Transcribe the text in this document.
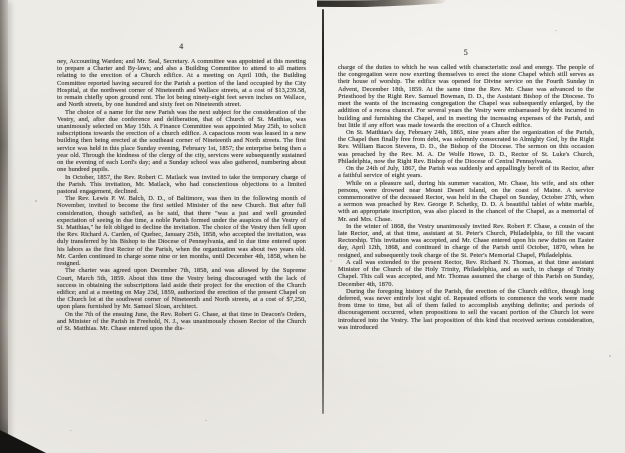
4

ney, Accounting Warden; and Mr. Seal, Secretary. A committee was appointed at this meeting to prepare a Charter and By-laws; and also a Building Committee to attend to all matters relating to the erection of a Church edifice. At a meeting on April 10th, the Building Committee reported having secured for the Parish a portion of the land occupied by the City Hospital, at the northwest corner of Nineteenth and Wallace streets, at a cost of $13,239.58, to remain chiefly upon ground rent. The lot being ninety-eight feet seven inches on Wallace, and North streets, by one hundred and sixty feet on Nineteenth street.

The choice of a name for the new Parish was the next subject for the consideration of the Vestry, and, after due conference and deliberation, that of Church of St. Matthias, was unanimously selected on May 15th. A Finance Committee was appointed May 25th, to solicit subscriptions towards the erection of a church edifice. A capacious room was leased in a new building then being erected at the southeast corner of Nineteenth and North streets. The first service was held in this place Sunday evening, February 1st, 1857; the enterprise being then a year old. Through the kindness of the clergy of the city, services were subsequently sustained on the evening of each Lord's day; and a Sunday school was also gathered, numbering about one hundred pupils.

In October, 1857, the Rev. Robert C. Matlack was invited to take the temporary charge of the Parish. This invitation, Mr. Matlack, who had conscientious objections to a limited pastoral engagement, declined.

The Rev. Lewis P. W. Balch, D. D., of Baltimore, was then in the following month of November, invited to become the first settled Minister of the new Church. But after full consideration, though satisfied, as he said, that there "was a just and well grounded expectation of seeing in due time, a noble Parish formed under the auspices of the Vestry of St. Matthias," he felt obliged to decline the invitation. The choice of the Vestry then fell upon the Rev. Richard A. Carden, of Quebec, January 25th, 1858, who accepted the invitation, was duly transferred by his Bishop to the Diocese of Pennsylvania, and in due time entered upon his labors as the first Rector of the Parish, when the organization was about two years old. Mr. Carden continued in charge some nine or ten months, until December 4th, 1858, when he resigned.

The charter was agreed upon December 7th, 1858, and was allowed by the Supreme Court, March 5th, 1859. About this time the Vestry being discouraged with the lack of success in obtaining the subscriptions laid aside their project for the erection of the Church edifice; and at a meeting on May 23d, 1859, authorized the erection of the present Chapel on the Church lot at the southwest corner of Nineteenth and North streets, at a cost of $7,250, upon plans furnished by Mr. Samuel Sloan, architect.

On the 7th of the ensuing June, the Rev. Robert G. Chase, at that time in Deacon's Orders, and Minister of the Parish in Freehold, N. J., was unanimously chosen Rector of the Church of St. Matthias. Mr. Chase entered upon the dis-

5

charge of the duties to which he was called with characteristic zeal and energy. The people of the congregation were now exerting themselves to erect the stone Chapel which still serves as their house of worship. The edifice was opened for Divine service on the Fourth Sunday in Advent, December 18th, 1859. At the same time the Rev. Mr. Chase was advanced to the Priesthood by the Right Rev. Samuel Bowman, D. D., the Assistant Bishop of the Diocese. To meet the wants of the increasing congregation the Chapel was subsequently enlarged, by the addition of a recess chancel. For several years the Vestry were embarrassed by debt incurred in building and furnishing the Chapel, and in meeting the increasing expenses of the Parish, and but little if any effort was made towards the erection of a Church edifice.

On St. Matthias's day, February 24th, 1865, nine years after the organization of the Parish, the Chapel then finally free from debt, was solemnly consecrated to Almighty God, by the Right Rev. William Bacon Stevens, D. D., the Bishop of the Diocese. The sermon on this occasion was preached by the Rev. M. A. De Wolfe Howe, D. D., Rector of St. Luke's Church, Philadelphia, now the Right Rev. Bishop of the Diocese of Central Pennsylvania.

On the 24th of July, 1867, the Parish was suddenly and appallingly bereft of its Rector, after a faithful service of eight years.

While on a pleasure sail, during his summer vacation, Mr. Chase, his wife, and six other persons, were drowned near Mount Desert Island, on the coast of Maine. A service commemorative of the deceased Rector, was held in the Chapel on Sunday, October 27th, when a sermon was preached by Rev. George P. Schetky, D. D. A beautiful tablet of white marble, with an appropriate inscription, was also placed in the chancel of the Chapel, as a memorial of Mr. and Mrs. Chase.

In the winter of 1868, the Vestry unanimously invited Rev. Robert F. Chase, a cousin of the late Rector, and, at that time, assistant at St. Peter's Church, Philadelphia, to fill the vacant Rectorship. This invitation was accepted, and Mr. Chase entered upon his new duties on Easter day, April 12th, 1868, and continued in charge of the Parish until October, 1870, when he resigned, and subsequently took charge of the St. Peter's Memorial Chapel, Philadelphia.

A call was extended to the present Rector, Rev. Richard N. Thomas, at that time assistant Minister of the Church of the Holy Trinity, Philadelphia, and as such, in charge of Trinity Chapel. This call was accepted, and Mr. Thomas assumed the charge of this Parish on Sunday, December 4th, 1870.

During the foregoing history of the Parish, the erection of the Church edifice, though long deferred, was never entirely lost sight of. Repeated efforts to commence the work were made from time to time, but all of them failed to accomplish anything definite; and periods of discouragement occurred, when propositions to sell the vacant portion of the Church lot were introduced into the Vestry. The last proposition of this kind that received serious consideration, was introduced
